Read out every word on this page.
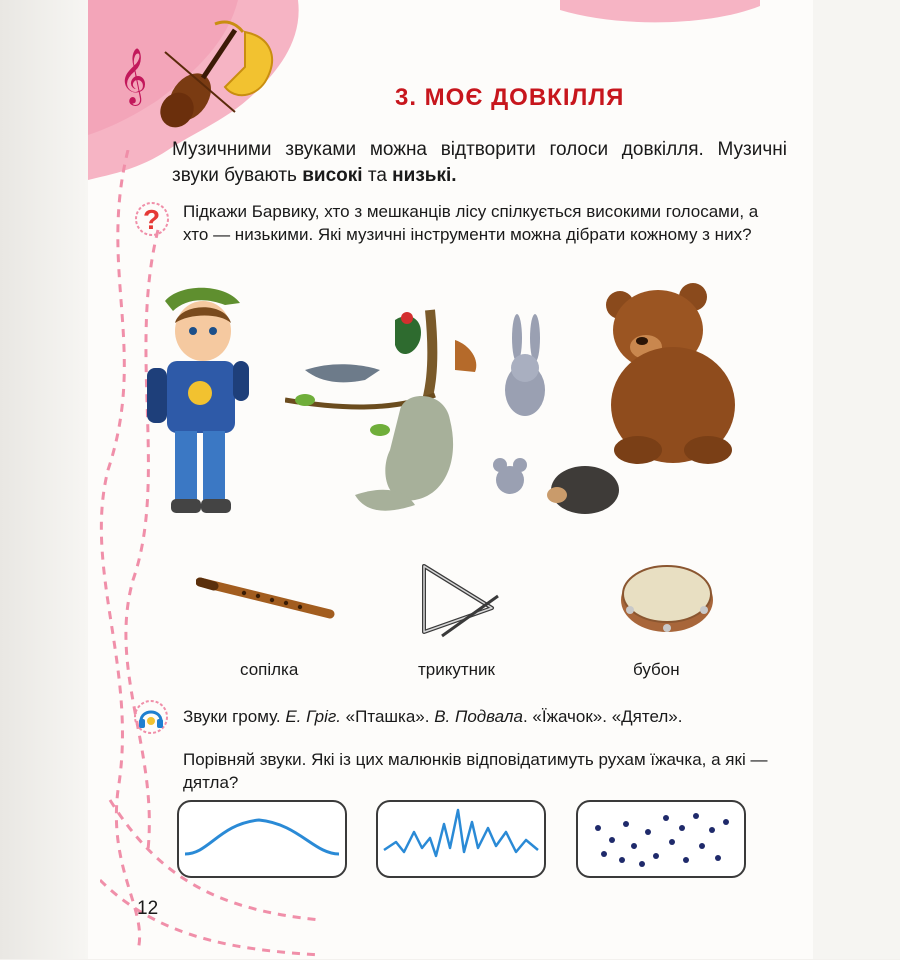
𝄞	3. МОЄ ДОВКІЛЛЯ
Музичними звуками можна відтворити голоси довкілля. Музичні звуки бувають високі та низькі.
? Підкажи Барвику, хто з мешканців лісу спілкується високими голосами, а хто — низькими. Які музичні інструменти можна дібрати кожному з них?
сопілка	трикутник	бубон
Звуки грому. Е. Гріг. «Пташка». В. Подвала. «Їжачок». «Дятел».
Порівняй звуки. Які із цих малюнків відповідатимуть рухам їжачка, а які — дятла?
12
